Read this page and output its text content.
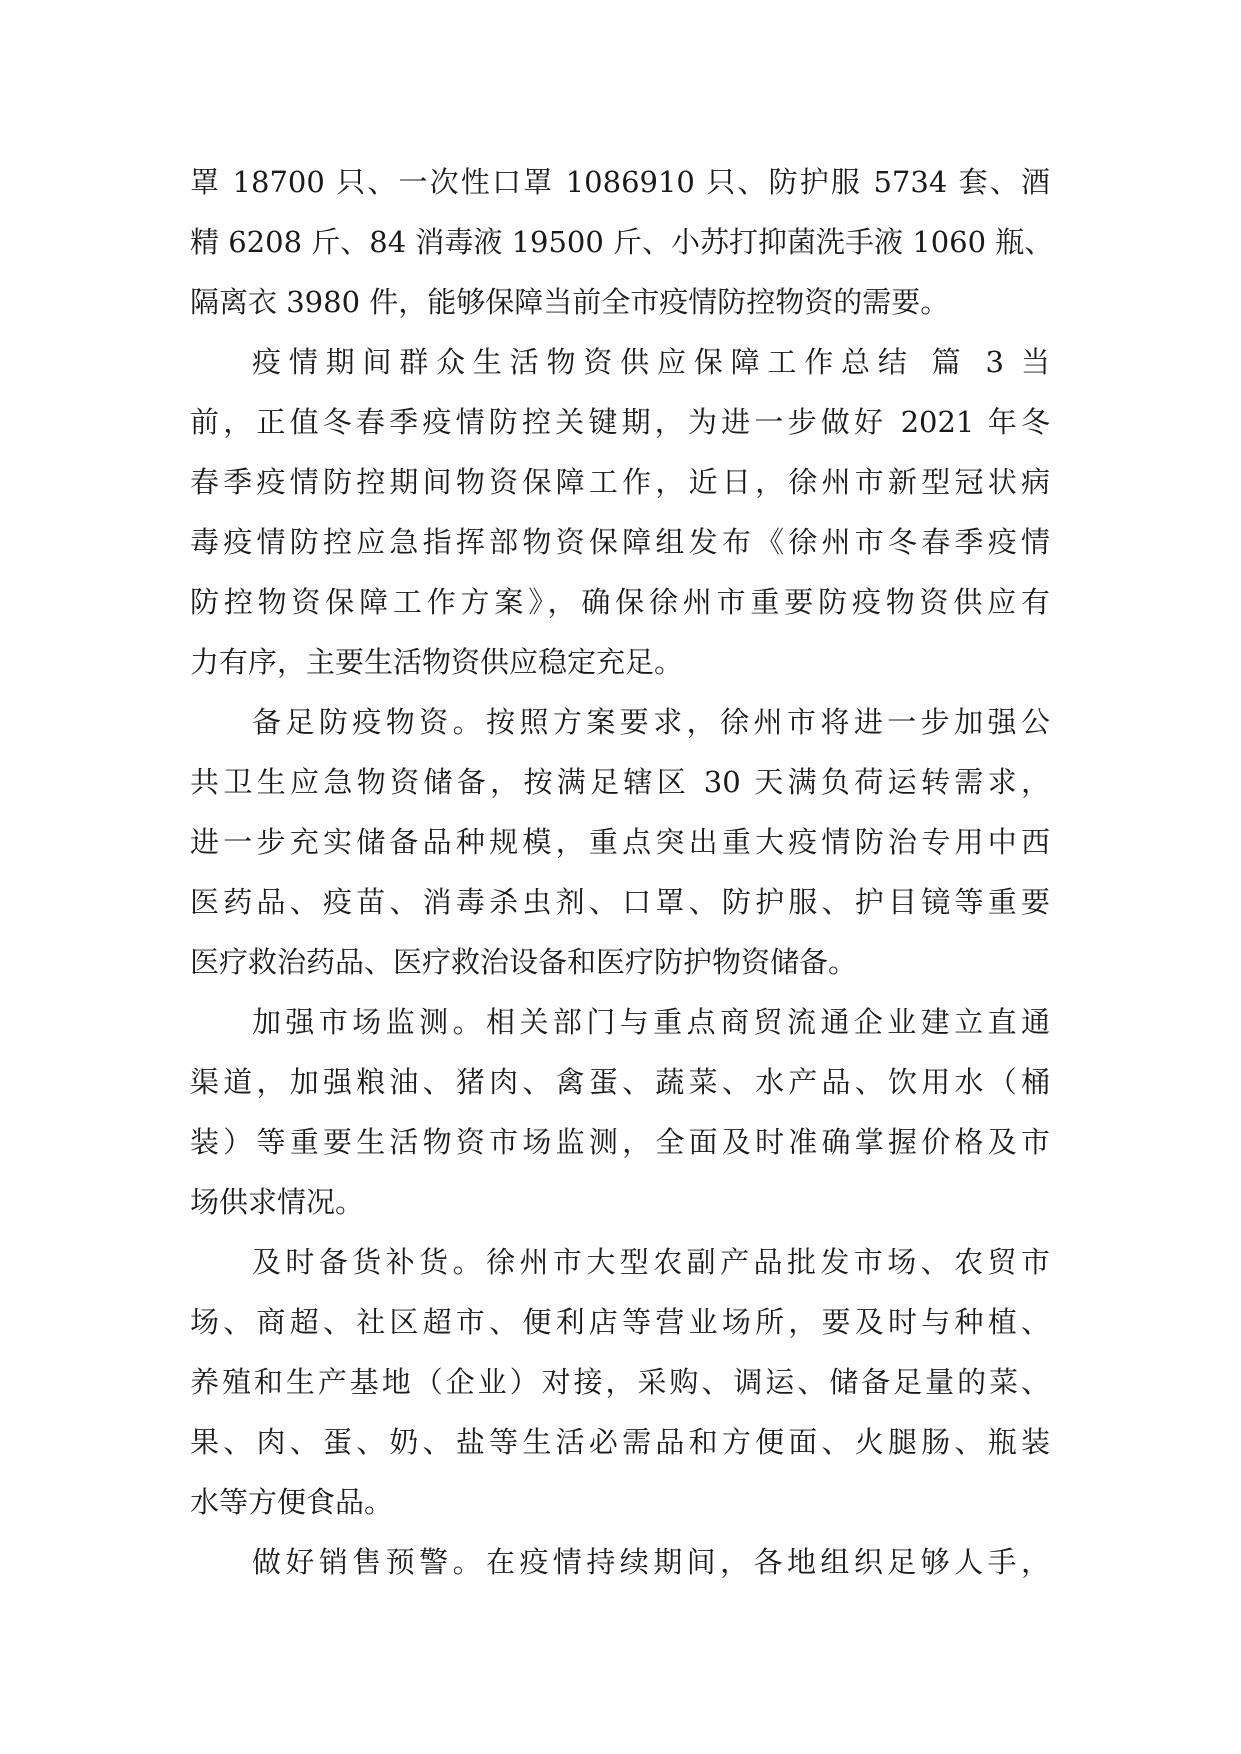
罩 18700 只、一次性口罩 1086910 只、防护服 5734 套、酒
精 6208 斤、84 消毒液 19500 斤、小苏打抑菌洗手液 1060 瓶、
隔离衣 3980 件，能够保障当前全市疫情防控物资的需要。
疫情期间群众生活物资供应保障工作总结 篇 3 当
前，正值冬春季疫情防控关键期，为进一步做好 2021 年冬
春季疫情防控期间物资保障工作，近日，徐州市新型冠状病
毒疫情防控应急指挥部物资保障组发布《徐州市冬春季疫情
防控物资保障工作方案》，确保徐州市重要防疫物资供应有
力有序，主要生活物资供应稳定充足。
备足防疫物资。按照方案要求，徐州市将进一步加强公
共卫生应急物资储备，按满足辖区 30 天满负荷运转需求，
进一步充实储备品种规模，重点突出重大疫情防治专用中西
医药品、疫苗、消毒杀虫剂、口罩、防护服、护目镜等重要
医疗救治药品、医疗救治设备和医疗防护物资储备。
加强市场监测。相关部门与重点商贸流通企业建立直通
渠道，加强粮油、猪肉、禽蛋、蔬菜、水产品、饮用水（桶
装）等重要生活物资市场监测，全面及时准确掌握价格及市
场供求情况。
及时备货补货。徐州市大型农副产品批发市场、农贸市
场、商超、社区超市、便利店等营业场所，要及时与种植、
养殖和生产基地（企业）对接，采购、调运、储备足量的菜、
果、肉、蛋、奶、盐等生活必需品和方便面、火腿肠、瓶装
水等方便食品。
做好销售预警。在疫情持续期间，各地组织足够人手，
